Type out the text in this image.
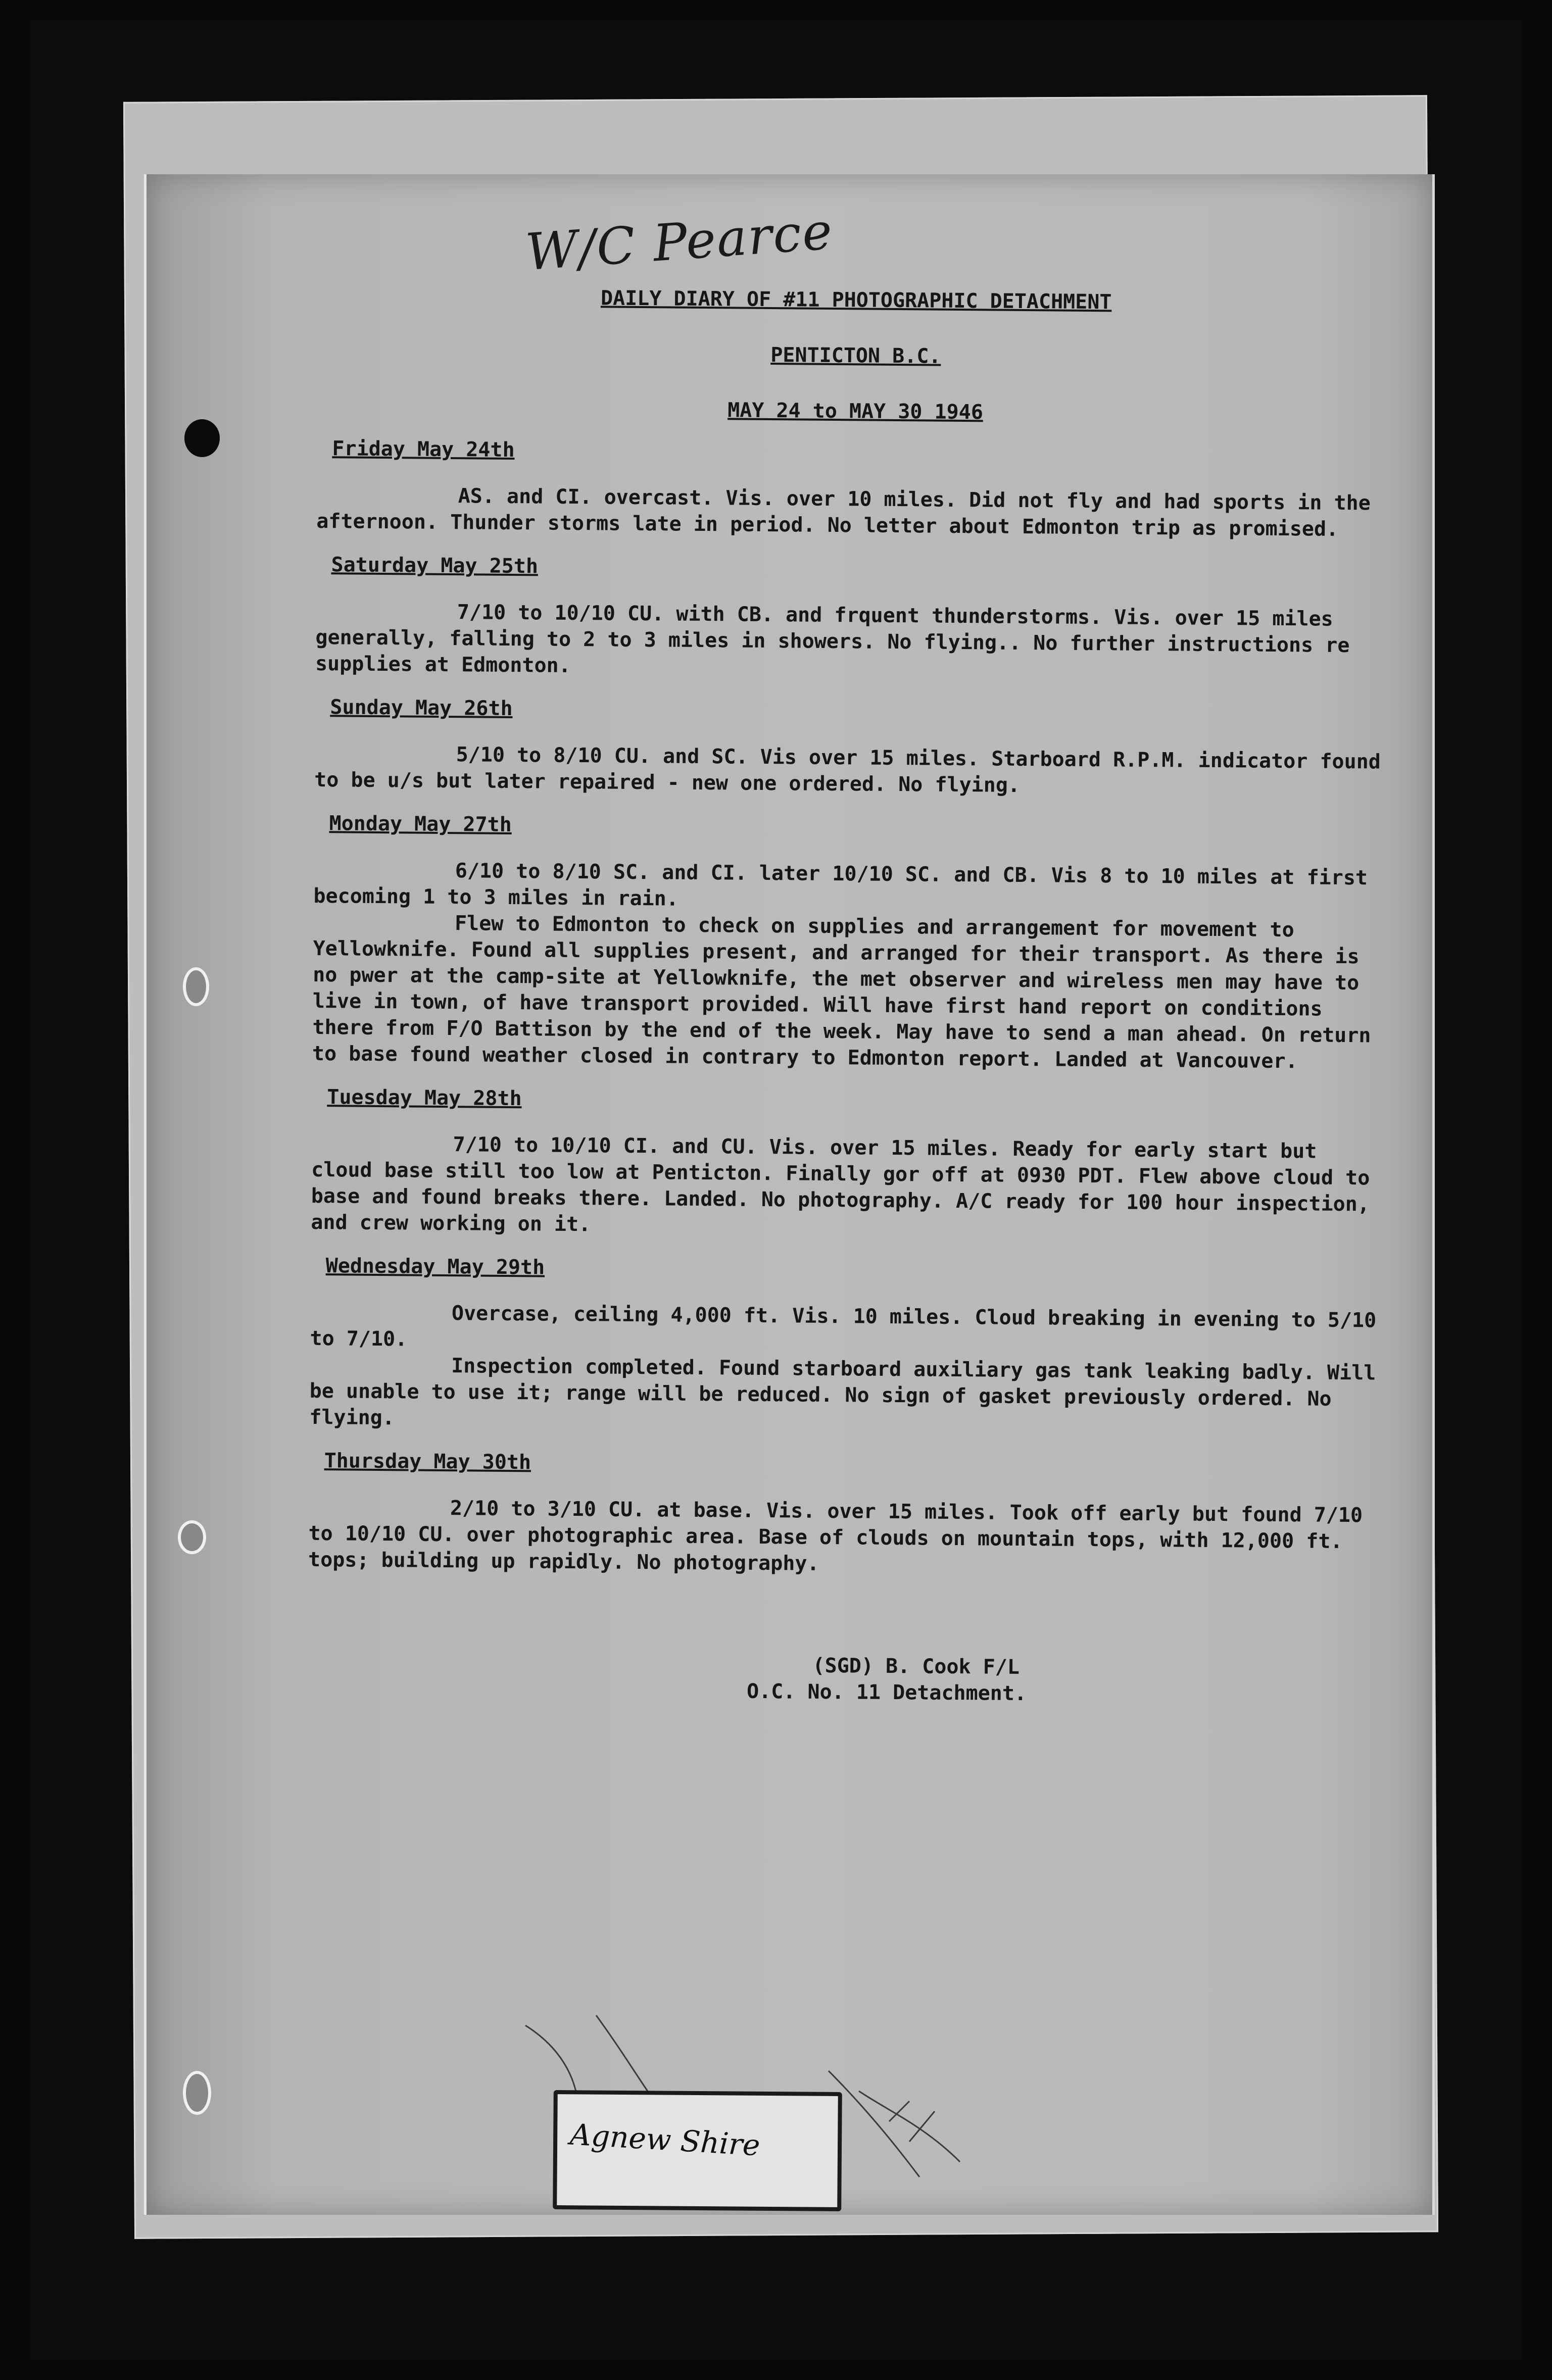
W/C Pearce

DAILY DIARY OF #11 PHOTOGRAPHIC DETACHMENT

PENTICTON B.C.

MAY 24 to MAY 30 1946

Friday May 24th

AS. and CI. overcast. Vis. over 10 miles. Did not fly and had sports in the afternoon. Thunder storms late in period. No letter about Edmonton trip as promised.

Saturday May 25th

7/10 to 10/10 CU. with CB. and frquent thunderstorms. Vis. over 15 miles generally, falling to 2 to 3 miles in showers. No flying.. No further instructions re supplies at Edmonton.

Sunday May 26th

5/10 to 8/10 CU. and SC. Vis over 15 miles. Starboard R.P.M. indicator found to be u/s but later repaired - new one ordered. No flying.

Monday May 27th

6/10 to 8/10 SC. and CI. later 10/10 SC. and CB. Vis 8 to 10 miles at first becoming 1 to 3 miles in rain.

Flew to Edmonton to check on supplies and arrangement for movement to Yellowknife. Found all supplies present, and arranged for their transport. As there is no pwer at the camp-site at Yellowknife, the met observer and wireless men may have to live in town, of have transport provided. Will have first hand report on conditions there from F/O Battison by the end of the week. May have to send a man ahead. On return to base found weather closed in contrary to Edmonton report. Landed at Vancouver.

Tuesday May 28th

7/10 to 10/10 CI. and CU. Vis. over 15 miles. Ready for early start but cloud base still too low at Penticton. Finally gor off at 0930 PDT. Flew above cloud to base and found breaks there. Landed. No photography. A/C ready for 100 hour inspection, and crew working on it.

Wednesday May 29th

Overcase, ceiling 4,000 ft. Vis. 10 miles. Cloud breaking in evening to 5/10 to 7/10.

Inspection completed. Found starboard auxiliary gas tank leaking badly. Will be unable to use it; range will be reduced. No sign of gasket previously ordered. No flying.

Thursday May 30th

2/10 to 3/10 CU. at base. Vis. over 15 miles. Took off early but found 7/10 to 10/10 CU. over photographic area. Base of clouds on mountain tops, with 12,000 ft. tops; building up rapidly. No photography.

(SGD) B. Cook F/L
O.C. No. 11 Detachment.
Agnew Shire
